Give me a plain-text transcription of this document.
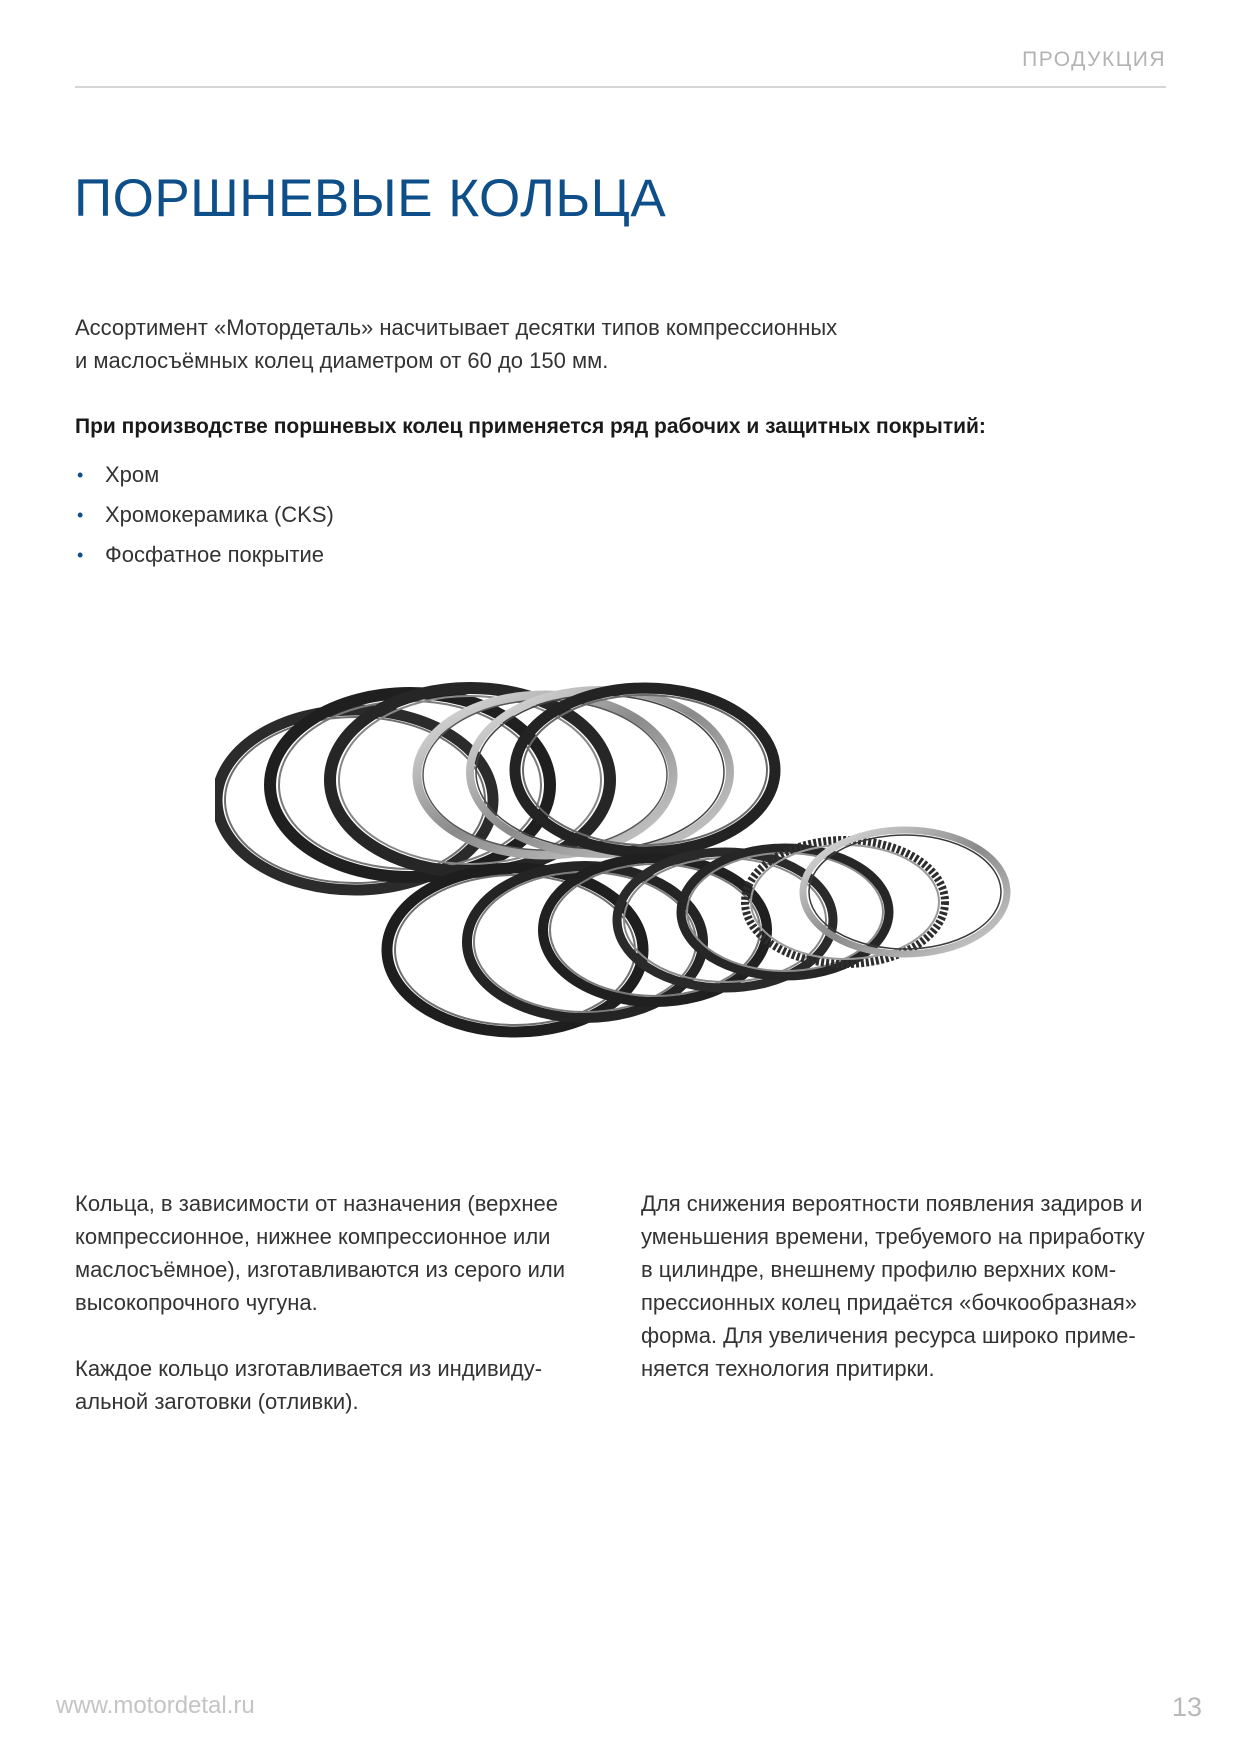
ПРОДУКЦИЯ
ПОРШНЕВЫЕ КОЛЬЦА

Ассортимент «Мотордеталь» насчитывает десятки типов компрессионных
и маслосъёмных колец диаметром от 60 до 150 мм.

При производстве поршневых колец применяется ряд рабочих и защитных покрытий:

• Хром
• Хромокерамика (CKS)
• Фосфатное покрытие

Кольца, в зависимости от назначения (верхнее
компрессионное, нижнее компрессионное или
маслосъёмное), изготавливаются из серого или
высокопрочного чугуна.
Каждое кольцо изготавливается из индивиду-
альной заготовки (отливки).

Для снижения вероятности появления задиров и
уменьшения времени, требуемого на приработку
в цилиндре, внешнему профилю верхних ком-
прессионных колец придаётся «бочкообразная»
форма. Для увеличения ресурса широко приме-
няется технология притирки.

www.motordetal.ru	13
